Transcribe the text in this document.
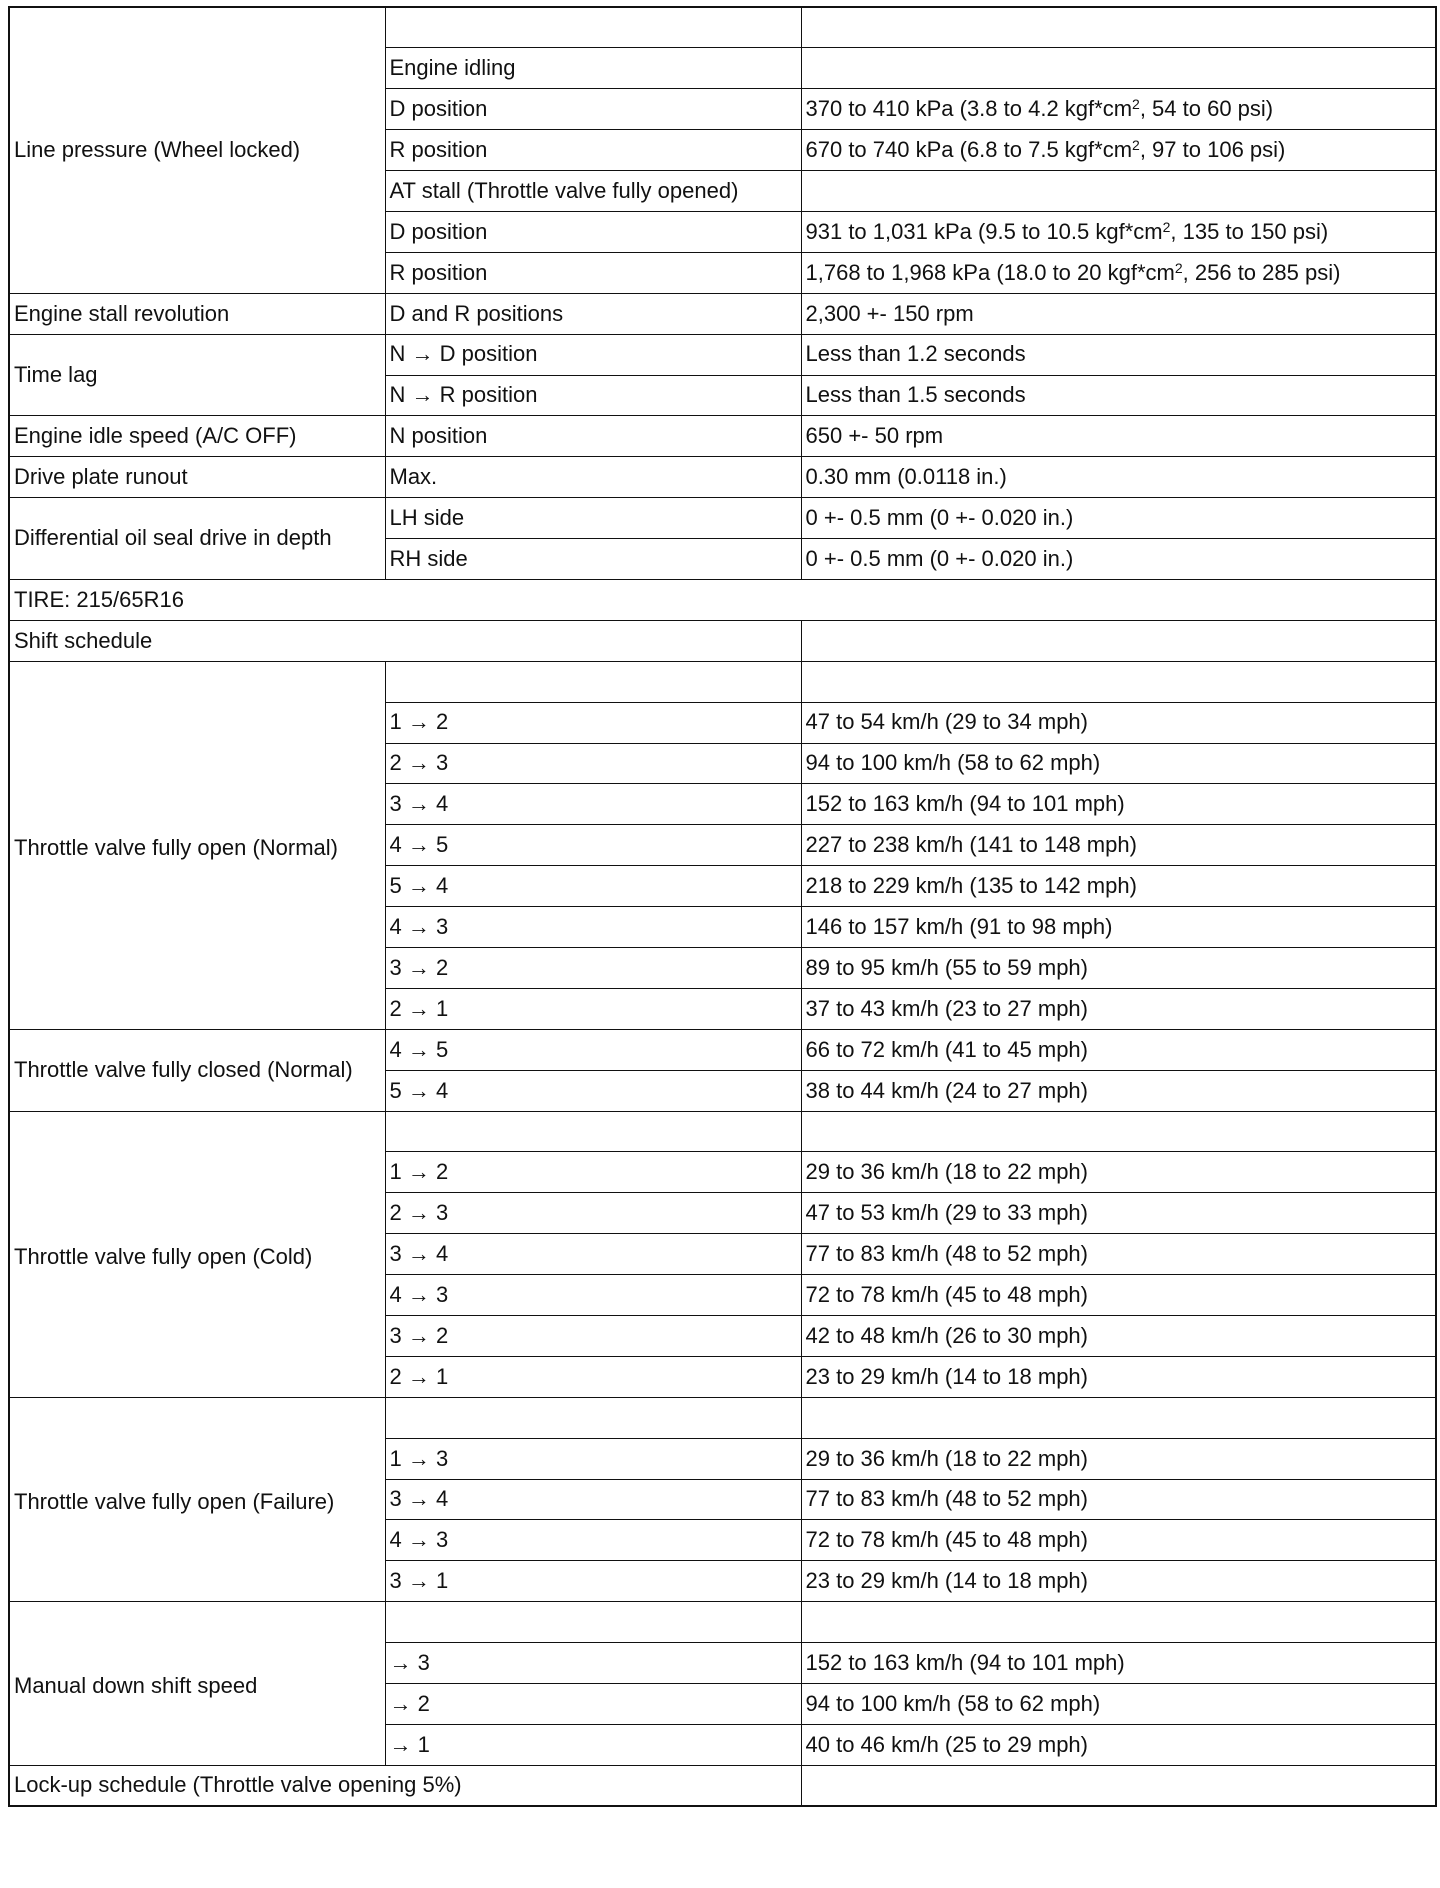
Line pressure (Wheel locked)		
	Engine idling	
	D position	370 to 410 kPa (3.8 to 4.2 $kgf*cm^2$, 54 to 60 psi)
	R position	670 to 740 kPa (6.8 to 7.5 $kgf*cm^2$, 97 to 106 psi)
	AT stall (Throttle valve fully opened)	
	D position	931 to 1,031 kPa (9.5 to 10.5 $kgf*cm^2$, 135 to 150 psi)
	R position	1,768 to 1,968 kPa (18.0 to 20 $kgf*cm^2$, 256 to 285 psi)
Engine stall revolution	D and R positions	2,300 +- 150 rpm
Time lag	N → D position	Less than 1.2 seconds
	N → R position	Less than 1.5 seconds
Engine idle speed (A/C OFF)	N position	650 +- 50 rpm
Drive plate runout	Max.	0.30 mm (0.0118 in.)
Differential oil seal drive in depth	LH side	0 +- 0.5 mm (0 +- 0.020 in.)
	RH side	0 +- 0.5 mm (0 +- 0.020 in.)
TIRE: 215/65R16		
Shift schedule		
Throttle valve fully open (Normal)		
	1 → 2	47 to 54 km/h (29 to 34 mph)
	2 → 3	94 to 100 km/h (58 to 62 mph)
	3 → 4	152 to 163 km/h (94 to 101 mph)
	4 → 5	227 to 238 km/h (141 to 148 mph)
	5 → 4	218 to 229 km/h (135 to 142 mph)
	4 → 3	146 to 157 km/h (91 to 98 mph)
	3 → 2	89 to 95 km/h (55 to 59 mph)
	2 → 1	37 to 43 km/h (23 to 27 mph)
Throttle valve fully closed (Normal)	4 → 5	66 to 72 km/h (41 to 45 mph)
	5 → 4	38 to 44 km/h (24 to 27 mph)
Throttle valve fully open (Cold)		
	1 → 2	29 to 36 km/h (18 to 22 mph)
	2 → 3	47 to 53 km/h (29 to 33 mph)
	3 → 4	77 to 83 km/h (48 to 52 mph)
	4 → 3	72 to 78 km/h (45 to 48 mph)
	3 → 2	42 to 48 km/h (26 to 30 mph)
	2 → 1	23 to 29 km/h (14 to 18 mph)
Throttle valve fully open (Failure)		
	1 → 3	29 to 36 km/h (18 to 22 mph)
	3 → 4	77 to 83 km/h (48 to 52 mph)
	4 → 3	72 to 78 km/h (45 to 48 mph)
	3 → 1	23 to 29 km/h (14 to 18 mph)
Manual down shift speed		
	→ 3	152 to 163 km/h (94 to 101 mph)
	→ 2	94 to 100 km/h (58 to 62 mph)
	→ 1	40 to 46 km/h (25 to 29 mph)
Lock-up schedule (Throttle valve opening 5%)		
